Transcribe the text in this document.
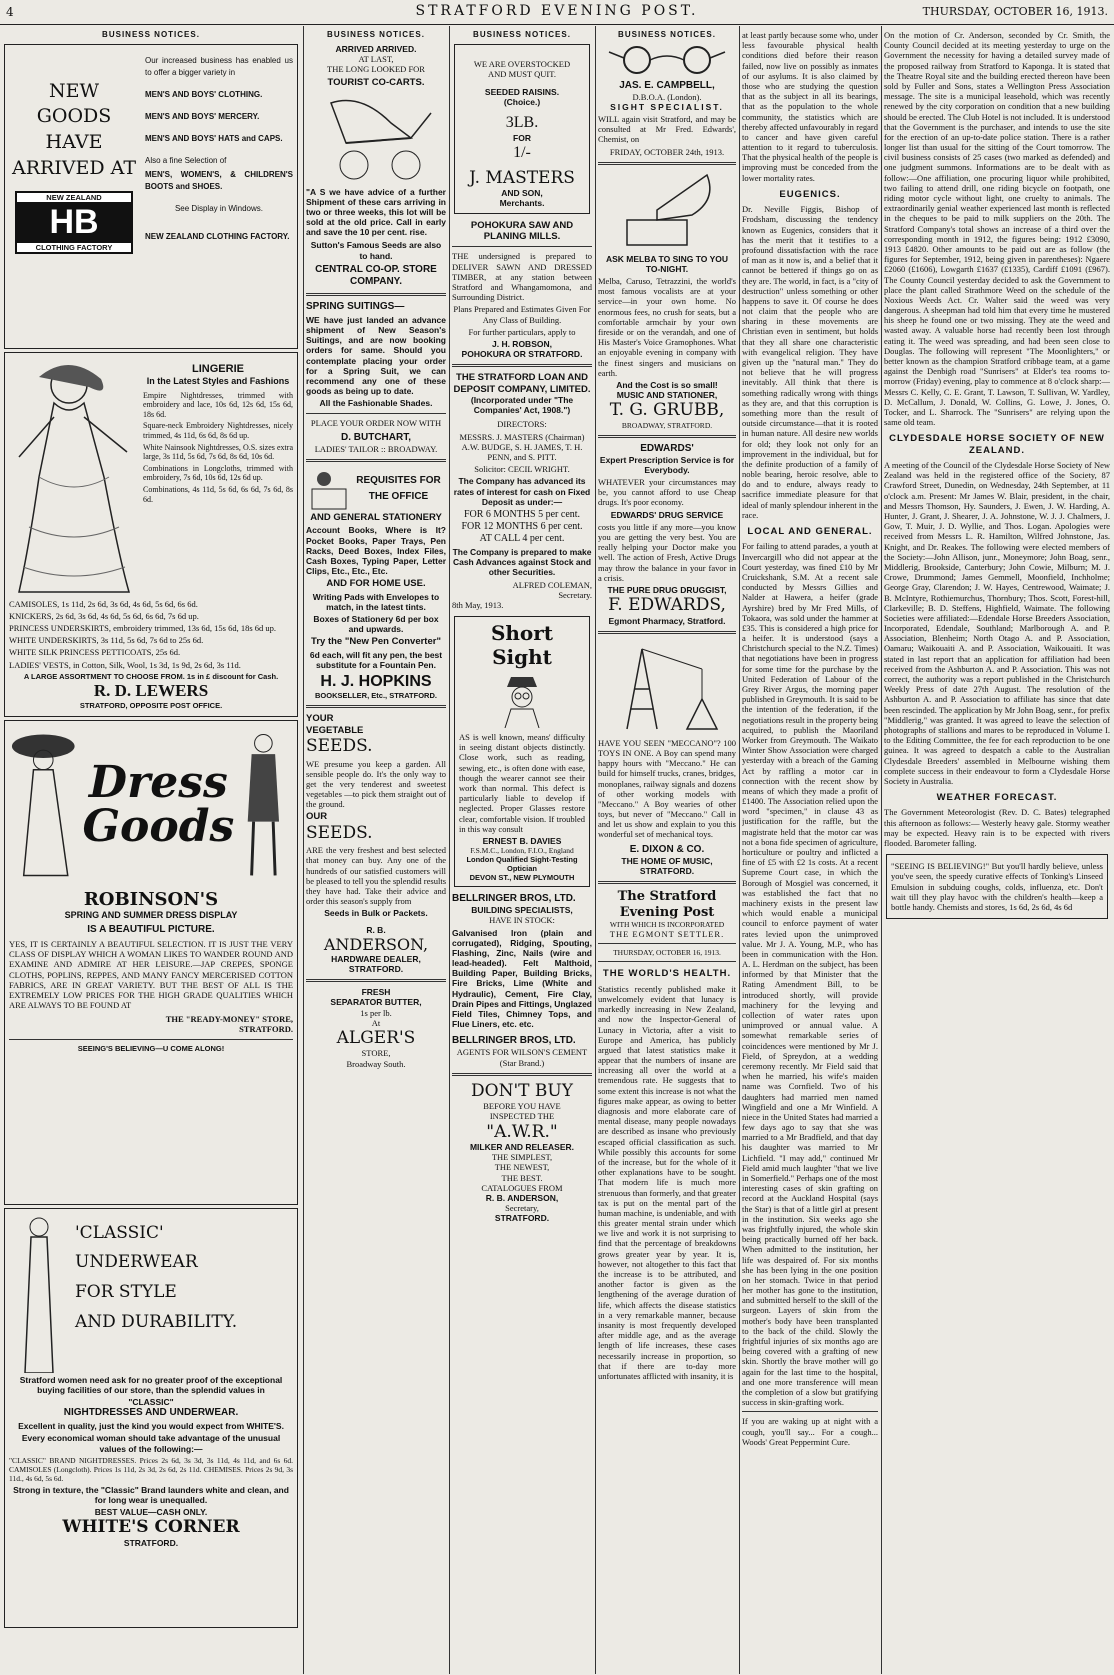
4	STRATFORD EVENING POST.	THURSDAY, OCTOBER 16, 1913.
BUSINESS NOTICES.
NEW GOODS HAVE ARRIVED AT
NEW ZEALAND
HB
CLOTHING FACTORY

Our increased business has enabled us to offer a bigger variety in

MEN'S AND BOYS' CLOTHING.

MEN'S AND BOYS' MERCERY.

MEN'S AND BOYS' HATS and CAPS.

Also a fine Selection of

MEN'S, WOMEN'S, & CHILDREN'S BOOTS and SHOES.

See Display in Windows.

NEW ZEALAND CLOTHING FACTORY.

LINGERIE
In the Latest Styles and Fashions

Empire Nightdresses, trimmed with embroidery and lace, 10s 6d, 12s 6d, 15s 6d, 18s 6d.

Square-neck Embroidery Nightdresses, nicely trimmed, 4s 11d, 6s 6d, 8s 6d up.

White Nainsook Nightdresses, O.S. sizes extra large, 3s 11d, 5s 6d, 7s 6d, 8s 6d, 10s 6d.

Combinations in Longcloths, trimmed with embroidery, 7s 6d, 10s 6d, 12s 6d up.

Combinations, 4s 11d, 5s 6d, 6s 6d, 7s 6d, 8s 6d.

CAMISOLES, 1s 11d, 2s 6d, 3s 6d, 4s 6d, 5s 6d, 6s 6d.

KNICKERS, 2s 6d, 3s 6d, 4s 6d, 5s 6d, 6s 6d, 7s 6d up.

PRINCESS UNDERSKIRTS, embroidery trimmed, 13s 6d, 15s 6d, 18s 6d up.

WHITE UNDERSKIRTS, 3s 11d, 5s 6d, 7s 6d to 25s 6d.

WHITE SILK PRINCESS PETTICOATS, 25s 6d.

LADIES' VESTS, in Cotton, Silk, Wool, 1s 3d, 1s 9d, 2s 6d, 3s 11d.

A LARGE ASSORTMENT TO CHOOSE FROM. 1s in £ discount for Cash.
R. D. LEWERS
STRATFORD, OPPOSITE POST OFFICE.
Dress Goods
ROBINSON'S
SPRING AND SUMMER DRESS DISPLAY
IS A BEAUTIFUL PICTURE.

YES, IT IS CERTAINLY A BEAUTIFUL SELECTION. IT IS JUST THE VERY CLASS OF DISPLAY WHICH A WOMAN LIKES TO WANDER ROUND AND EXAMINE AND ADMIRE AT HER LEISURE.—JAP CREPES, SPONGE CLOTHS, POPLINS, REPPES, AND MANY FANCY MERCERISED COTTON FABRICS, ARE IN GREAT VARIETY. BUT THE BEST OF ALL IS THE EXTREMELY LOW PRICES FOR THE HIGH GRADE QUALITIES WHICH ARE ALWAYS TO BE FOUND AT

THE "READY-MONEY" STORE,
STRATFORD.
SEEING'S BELIEVING—U COME ALONG!
'CLASSIC'
UNDERWEAR
FOR STYLE
AND DURABILITY.

Stratford women need ask for no greater proof of the exceptional buying facilities of our store, than the splendid values in

"CLASSIC"
NIGHTDRESSES AND UNDERWEAR.

Excellent in quality, just the kind you would expect from WHITE'S.

Every economical woman should take advantage of the unusual values of the following:—

"CLASSIC" BRAND NIGHTDRESSES. Prices 2s 6d, 3s 3d, 3s 11d, 4s 11d, and 6s 6d. CAMISOLES (Longcloth). Prices 1s 11d, 2s 3d, 2s 6d, 2s 11d. CHEMISES. Prices 2s 9d, 3s 11d., 4s 6d, 5s 6d.

Strong in texture, the "Classic" Brand launders white and clean, and for long wear is unequalled.

BEST VALUE—CASH ONLY.
WHITE'S CORNER
STRATFORD.
BUSINESS NOTICES.
ARRIVED ARRIVED.
AT LAST,
THE LONG LOOKED FOR
TOURIST CO-CARTS.

"A S we have advice of a further Shipment of these cars arriving in two or three weeks, this lot will be sold at the old price. Call in early and save the 10 per cent. rise.

Sutton's Famous Seeds are also to hand.
CENTRAL CO-OP. STORE COMPANY.
SPRING SUITINGS—

WE have just landed an advance shipment of New Season's Suitings, and are now booking orders for same. Should you contemplate placing your order for a Spring Suit, we can recommend any one of these goods as being up to date.

All the Fashionable Shades.
PLACE YOUR ORDER NOW WITH
D. BUTCHART,
LADIES' TAILOR :: BROADWAY.
REQUISITES FOR THE OFFICE
AND GENERAL STATIONERY

Account Books, Where is It? Pocket Books, Paper Trays, Pen Racks, Deed Boxes, Index Files, Cash Boxes, Typing Paper, Letter Clips, Etc., Etc., Etc.

AND FOR HOME USE.

Writing Pads with Envelopes to match, in the latest tints.

Boxes of Stationery 6d per box and upwards.

Try the "New Pen Converter"

6d each, will fit any pen, the best substitute for a Fountain Pen.

H. J. HOPKINS
BOOKSELLER, Etc., STRATFORD.
YOUR
VEGETABLE
SEEDS.

WE presume you keep a garden. All sensible people do. It's the only way to get the very tenderest and sweetest vegetables —to pick them straight out of the ground.

OUR
SEEDS.

ARE the very freshest and best selected that money can buy. Any one of the hundreds of our satisfied customers will be pleased to tell you the splendid results they have had. Take their advice and order this season's supply from

Seeds in Bulk or Packets.
R. B.
ANDERSON,
HARDWARE DEALER,
STRATFORD.
FRESH
SEPARATOR BUTTER,
1s per lb.
At
ALGER'S
STORE,
Broadway South.
BUSINESS NOTICES.
WE ARE OVERSTOCKED
AND MUST QUIT.
SEEDED RAISINS.
(Choice.)
3LB.
FOR
1/-
J. MASTERS
AND SON,
Merchants.
POHOKURA SAW AND PLANING MILLS.

THE undersigned is prepared to DELIVER SAWN AND DRESSED TIMBER, at any station between Stratford and Whangamomona, and Surrounding District.

Plans Prepared and Estimates Given For Any Class of Building.

For further particulars, apply to

J. H. ROBSON,
POHOKURA OR STRATFORD.
THE STRATFORD LOAN AND DEPOSIT COMPANY, LIMITED.
(Incorporated under "The Companies' Act, 1908.")
DIRECTORS:

MESSRS. J. MASTERS (Chairman) A.W. BUDGE, S. H. JAMES, T. H. PENN, and S. PITT.

Solicitor: CECIL WRIGHT.

The Company has advanced its rates of interest for cash on Fixed Deposit as under:—

FOR 6 MONTHS 5 per cent.
FOR 12 MONTHS 6 per cent.
AT CALL 4 per cent.

The Company is prepared to make Cash Advances against Stock and other Securities.

ALFRED COLEMAN,
Secretary.
8th May, 1913.
Short Sight

AS is well known, means' difficulty in seeing distant objects distinctly. Close work, such as reading, sewing, etc., is often done with ease, though the wearer cannot see their work than normal. This defect is particularly liable to develop if neglected. Proper Glasses restore clear, comfortable vision. If troubled in this way consult

ERNEST B. DAVIES
F.S.M.C., London, F.I.O., England
London Qualified Sight-Testing Optician
DEVON ST., NEW PLYMOUTH
BELLRINGER BROS, LTD.
BUILDING SPECIALISTS,
HAVE IN STOCK:

Galvanised Iron (plain and corrugated), Ridging, Spouting, Flashing, Zinc, Nails (wire and lead-headed). Felt Malthoid, Building Paper, Building Bricks, Fire Bricks, Lime (White and Hydraulic), Cement, Fire Clay, Drain Pipes and Fittings, Unglazed Field Tiles, Chimney Tops, and Flue Liners, etc. etc.

BELLRINGER BROS, LTD.
AGENTS FOR WILSON'S CEMENT
(Star Brand.)
DON'T BUY
BEFORE YOU HAVE
INSPECTED THE
"A.W.R."
MILKER AND RELEASER.
THE SIMPLEST,
THE NEWEST,
THE BEST.
CATALOGUES FROM
R. B. ANDERSON,
Secretary,
STRATFORD.
BUSINESS NOTICES.
JAS. E. CAMPBELL,
D.B.O.A. (London).
SIGHT SPECIALIST.

WILL again visit Stratford, and may be consulted at Mr Fred. Edwards', Chemist, on

FRIDAY, OCTOBER 24th, 1913.
ASK MELBA TO SING TO YOU TO-NIGHT.

Melba, Caruso, Tetrazzini, the world's most famous vocalists are at your service—in your own home. No enormous fees, no crush for seats, but a comfortable armchair by your own fireside or on the verandah, and one of His Master's Voice Gramophones. What an enjoyable evening in company with the finest singers and musicians on earth.

And the Cost is so small!
MUSIC AND STATIONER,
T. G. GRUBB,
BROADWAY, STRATFORD.
EDWARDS'
Expert Prescription Service is for Everybody.

WHATEVER your circumstances may be, you cannot afford to use Cheap drugs. It's poor economy.

EDWARDS' DRUG SERVICE

costs you little if any more—you know you are getting the very best. You are really helping your Doctor make you well. The action of Fresh, Active Drugs may throw the balance in your favor in a crisis.

THE PURE DRUG DRUGGIST,
F. EDWARDS,
Egmont Pharmacy, Stratford.

HAVE YOU SEEN "MECCANO"? 100 TOYS IN ONE. A Boy can spend many happy hours with "Meccano." He can build for himself trucks, cranes, bridges, monoplanes, railway signals and dozens of other working models with "Meccano." A Boy wearies of other toys, but never of "Meccano." Call in and let us show and explain to you this wonderful set of mechanical toys.

E. DIXON & CO.
THE HOME OF MUSIC,
STRATFORD.
The Stratford Evening Post
WITH WHICH IS INCORPORATED
THE EGMONT SETTLER.
THURSDAY, OCTOBER 16, 1913.
THE WORLD'S HEALTH.

Statistics recently published make it unwelcomely evident that lunacy is markedly increasing in New Zealand, and now the Inspector-General of Lunacy in Victoria, after a visit to Europe and America, has publicly argued that latest statistics make it appear that the numbers of insane are increasing all over the world at a tremendous rate. He suggests that to some extent this increase is not what the figures make appear, as owing to better diagnosis and more elaborate care of mental disease, many people nowadays are described as insane who previously escaped official classification as such. While possibly this accounts for some of the increase, but for the whole of it other explanations have to be sought. That modern life is much more strenuous than formerly, and that greater tax is put on the mental part of the human machine, is undeniable, and with this greater mental strain under which we live and work it is not surprising to find that the percentage of breakdowns grows greater year by year. It is, however, not altogether to this fact that the increase is to be attributed, and another factor is given as the lengthening of the average duration of life, which affects the disease statistics in a very remarkable manner, because insanity is most frequently developed after middle age, and as the average length of life increases, these cases necessarily increase in proportion, so that if there are to-day more unfortunates afflicted with insanity, it is

at least partly because some who, under less favourable physical health conditions died before their reason failed, now live on possibly as inmates of our asylums. It is also claimed by those who are studying the question that as the subject in all its bearings, that as the population to the whole community, the statistics which are thereby affected unfavourably in regard to cancer and have given careful attention to it regard to tuberculosis. That the physical health of the people is improving must be conceded from the lower mortality rates.

EUGENICS.

Dr. Neville Figgis, Bishop of Frodsham, discussing the tendency known as Eugenics, considers that it has the merit that it testifies to a profound dissatisfaction with the race of man as it now is, and a belief that it cannot be bettered if things go on as they are. The world, in fact, is a "city of destruction" unless something or other happens to save it. Of course he does not claim that the people who are sharing in these movements are Christian even in sentiment, but holds that they all share one characteristic with evangelical religion. They have given up the "natural man." They do not believe that he will progress inevitably. All think that there is something radically wrong with things as they are, and that this corruption is something more than the result of outside circumstance—that it is rooted in human nature. All desire new worlds for old; they look not only for an improvement in the individual, but for the definite production of a family of noble bearing, heroic resolve, able to do and to endure, always ready to sacrifice immediate pleasure for that ideal of manly splendour inherent in the race.

LOCAL AND GENERAL.

For failing to attend parades, a youth at Invercargill who did not appear at the Court yesterday, was fined £10 by Mr Cruickshank, S.M. At a recent sale conducted by Messrs Gillies and Nalder at Hawera, a heifer (grade Ayrshire) bred by Mr Fred Mills, of Tokaora, was sold under the hammer at £35. This is considered a high price for a heifer. It is understood (says a Christchurch special to the N.Z. Times) that negotiations have been in progress for some time for the purchase by the United Federation of Labour of the Grey River Argus, the morning paper published in Greymouth. It is said to be the intention of the federation, if the negotiations result in the property being acquired, to publish the Maoriland Worker from Greymouth. The Waikato Winter Show Association were charged yesterday with a breach of the Gaming Act by raffling a motor car in connection with the recent show by means of which they made a profit of £1400. The Association relied upon the word "specimen," in clause 43 as justification for the raffle, but the magistrate held that the motor car was not a bona fide specimen of agriculture, horticulture or poultry and inflicted a fine of £5 with £2 1s costs. At a recent Supreme Court case, in which the Borough of Mosgiel was concerned, it was established the fact that no machinery exists in the present law which would enable a municipal council to enforce payment of water rates levied upon the unimproved value. Mr J. A. Young, M.P., who has been in communication with the Hon. A. L. Herdman on the subject, has been informed by that Minister that the Rating Amendment Bill, to be introduced shortly, will provide machinery for the levying and collection of water rates upon unimproved or annual value. A somewhat remarkable series of coincidences were mentioned by Mr J. Field, of Spreydon, at a wedding ceremony recently. Mr Field said that when he married, his wife's maiden name was Cornfield. Two of his daughters had married men named Wingfield and one a Mr Winfield. A niece in the United States had married a few days ago to say that she was married to a Mr Bradfield, and that day his daughter was married to Mr Lichfield. "I may add," continued Mr Field amid much laughter "that we live in Somerfield." Perhaps one of the most interesting cases of skin grafting on record at the Auckland Hospital (says the Star) is that of a little girl at present in the institution. Six weeks ago she was frightfully injured, the whole skin being practically burned off her back. When admitted to the institution, her life was despaired of. For six months she has been lying in the one position on her stomach. Twice in that period her mother has gone to the institution, and submitted herself to the skill of the surgeon. Layers of skin from the mother's body have been transplanted to the back of the child. Slowly the frightful injuries of six months ago are being covered with a grafting of new skin. Shortly the brave mother will go again for the last time to the hospital, and one more transference will mean the completion of a slow but gratifying success in skin-grafting work.

If you are waking up at night with a cough, you'll say... For a cough... Woods' Great Peppermint Cure.

On the motion of Cr. Anderson, seconded by Cr. Smith, the County Council decided at its meeting yesterday to urge on the Government the necessity for having a detailed survey made of the proposed railway from Stratford to Kaponga. It is stated that the Theatre Royal site and the building erected thereon have been sold by Fuller and Sons, states a Wellington Press Association message. The site is a municipal leasehold, which was recently renewed by the city corporation on condition that a new building should be erected. The Club Hotel is not included. It is understood that the Government is the purchaser, and intends to use the site for the erection of an up-to-date police station. There is a rather longer list than usual for the sitting of the Court tomorrow. The civil business consists of 25 cases (two marked as defended) and one judgment summons. Informations are to be dealt with as follow:—One affiliation, one procuring liquor while prohibited, two failing to attend drill, one riding bicycle on footpath, one riding motor cycle without light, one cruelty to animals. The extraordinarily genial weather experienced last month is reflected in the cheques to be paid to milk suppliers on the 20th. The Stratford Company's total shows an increase of a third over the corresponding month in 1912, the figures being: 1912 £3090, 1913 £4820. Other amounts to be paid out are as follow (the figures for September, 1912, being given in parentheses): Ngaere £2060 (£1606), Lowgarth £1637 (£1335), Cardiff £1091 (£967). The County Council yesterday decided to ask the Government to place the plant called Strathmore Weed on the schedule of the Noxious Weeds Act. Cr. Walter said the weed was very dangerous. A sheepman had told him that every time he mustered his sheep he found one or two missing. They ate the weed and wasted away. A valuable horse had recently been lost through eating it. The weed was spreading, and had been seen close to Douglas. The following will represent "The Moonlighters," or better known as the champion Stratford cribbage team, at a game against the Denbigh road "Sunrisers" at Elder's tea rooms to-morrow (Friday) evening, play to commence at 8 o'clock sharp:—Messrs C. Kelly, C. E. Grant, T. Lawson, T. Sullivan, W. Yardley, D. McCallum, J. Donald, W. Collins, G. Lowe, J. Jones, O. Tocker, and L. Sharrock. The "Sunrisers" are relying upon the same old team.

CLYDESDALE HORSE SOCIETY OF NEW ZEALAND.

A meeting of the Council of the Clydesdale Horse Society of New Zealand was held in the registered office of the Society, 87 Crawford Street, Dunedin, on Wednesday, 24th September, at 11 o'clock a.m. Present: Mr James W. Blair, president, in the chair, and Messrs Thomson, Hy. Saunders, J. Ewen, J. W. Harding, A. Hunter, J. Grant, J. Shearer, J. A. Johnstone, W. J. J. Chalmers, J. Gow, T. Muir, J. D. Wyllie, and Thos. Logan. Apologies were received from Messrs L. R. Hamilton, Wilfred Johnstone, Jas. Knight, and Dr. Reakes. The following were elected members of the Society:—John Allison, junr., Moneymore; John Boag, senr., Middlerig, Brookside, Canterbury; John Cowie, Milburn; M. J. Crowe, Drummond; James Gemmell, Moonfield, Inchholme; George Gray, Clarendon; J. W. Hayes, Centrewood, Waimate; J. B. McIntyre, Rothiemurchus, Thornbury; Thos. Scott, Forest-hill, Clarkeville; B. D. Steffens, Highfield, Waimate. The following Societies were affiliated:—Edendale Horse Breeders Association, Incorporated, Edendale, Southland; Marlborough A. and P. Association, Blenheim; North Otago A. and P. Association, Oamaru; Waikouaiti A. and P. Association, Waikouaiti. It was stated in last report that an application for affiliation had been received from the Ashburton A. and P. Association. This was not correct, the authority was a report published in the Christchurch Weekly Press of date 27th August. The resolution of the Ashburton A. and P. Association to affiliate has since that date been rescinded. The application by Mr John Boag, senr., for prefix "Middlerig," was granted. It was agreed to leave the selection of photographs of stallions and mares to be reproduced in Volume I. to the Editing Committee, the fee for each reproduction to be one guinea. It was agreed to despatch a cable to the Australian Clydesdale Breeders' assembled in Melbourne wishing them complete success in their endeavour to form a Clydesdale Horse Society in Australia.

WEATHER FORECAST.

The Government Meteorologist (Rev. D. C. Bates) telegraphed this afternoon as follows:— Westerly heavy gale. Stormy weather may be expected. Heavy rain is to be expected with rivers flooded. Barometer falling.

"SEEING IS BELIEVING!" But you'll hardly believe, unless you've seen, the speedy curative effects of Tonking's Linseed Emulsion in subduing coughs, colds, influenza, etc. Don't wait till they play havoc with the children's health—keep a bottle handy. Chemists and stores, 1s 6d, 2s 6d, 4s 6d
